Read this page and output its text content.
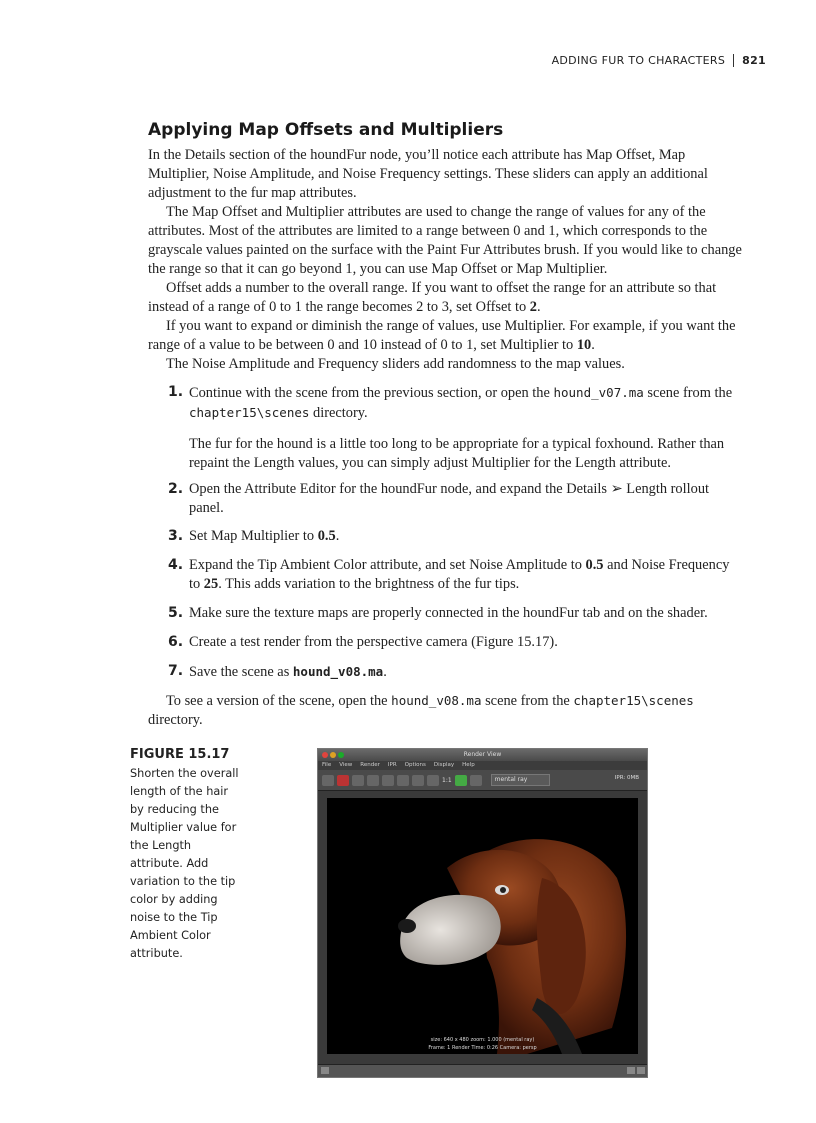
ADDING FUR TO CHARACTERS	821
Applying Map Offsets and Multipliers

In the Details section of the houndFur node, you’ll notice each attribute has Map Offset, Map Multiplier, Noise Amplitude, and Noise Frequency settings. These sliders can apply an additional adjustment to the fur map attributes.

The Map Offset and Multiplier attributes are used to change the range of values for any of the attributes. Most of the attributes are limited to a range between 0 and 1, which corresponds to the grayscale values painted on the surface with the Paint Fur Attributes brush. If you would like to change the range so that it can go beyond 1, you can use Map Offset or Map Multiplier.

Offset adds a number to the overall range. If you want to offset the range for an attribute so that instead of a range of 0 to 1 the range becomes 2 to 3, set Offset to 2.

If you want to expand or diminish the range of values, use Multiplier. For example, if you want the range of a value to be between 0 and 10 instead of 0 to 1, set Multiplier to 10.

The Noise Amplitude and Frequency sliders add randomness to the map values.

1. Continue with the scene from the previous section, or open the hound_v07.ma scene from the chapter15\scenes directory.
The fur for the hound is a little too long to be appropriate for a typical foxhound. Rather than repaint the Length values, you can simply adjust Multiplier for the Length attribute.
2. Open the Attribute Editor for the houndFur node, and expand the Details ➢ Length rollout panel.
3. Set Map Multiplier to 0.5.
4. Expand the Tip Ambient Color attribute, and set Noise Amplitude to 0.5 and Noise Frequency to 25. This adds variation to the brightness of the fur tips.
5. Make sure the texture maps are properly connected in the houndFur tab and on the shader.
6. Create a test render from the perspective camera (Figure 15.17).
7. Save the scene as hound_v08.ma.
To see a version of the scene, open the hound_v08.ma scene from the chapter15\scenes directory.
FIGURE 15.17
Shorten the overall length of the hair by reducing the Multiplier value for the Length attribute. Add variation to the tip color by adding noise to the Tip Ambient Color attribute.
Render View
File View Render IPR Options Display Help
1:1	mental ray	IPR: 0MB
size: 640 x 480 zoom: 1.000 (mental ray)
Frame: 1 Render Time: 0:26 Camera: persp
